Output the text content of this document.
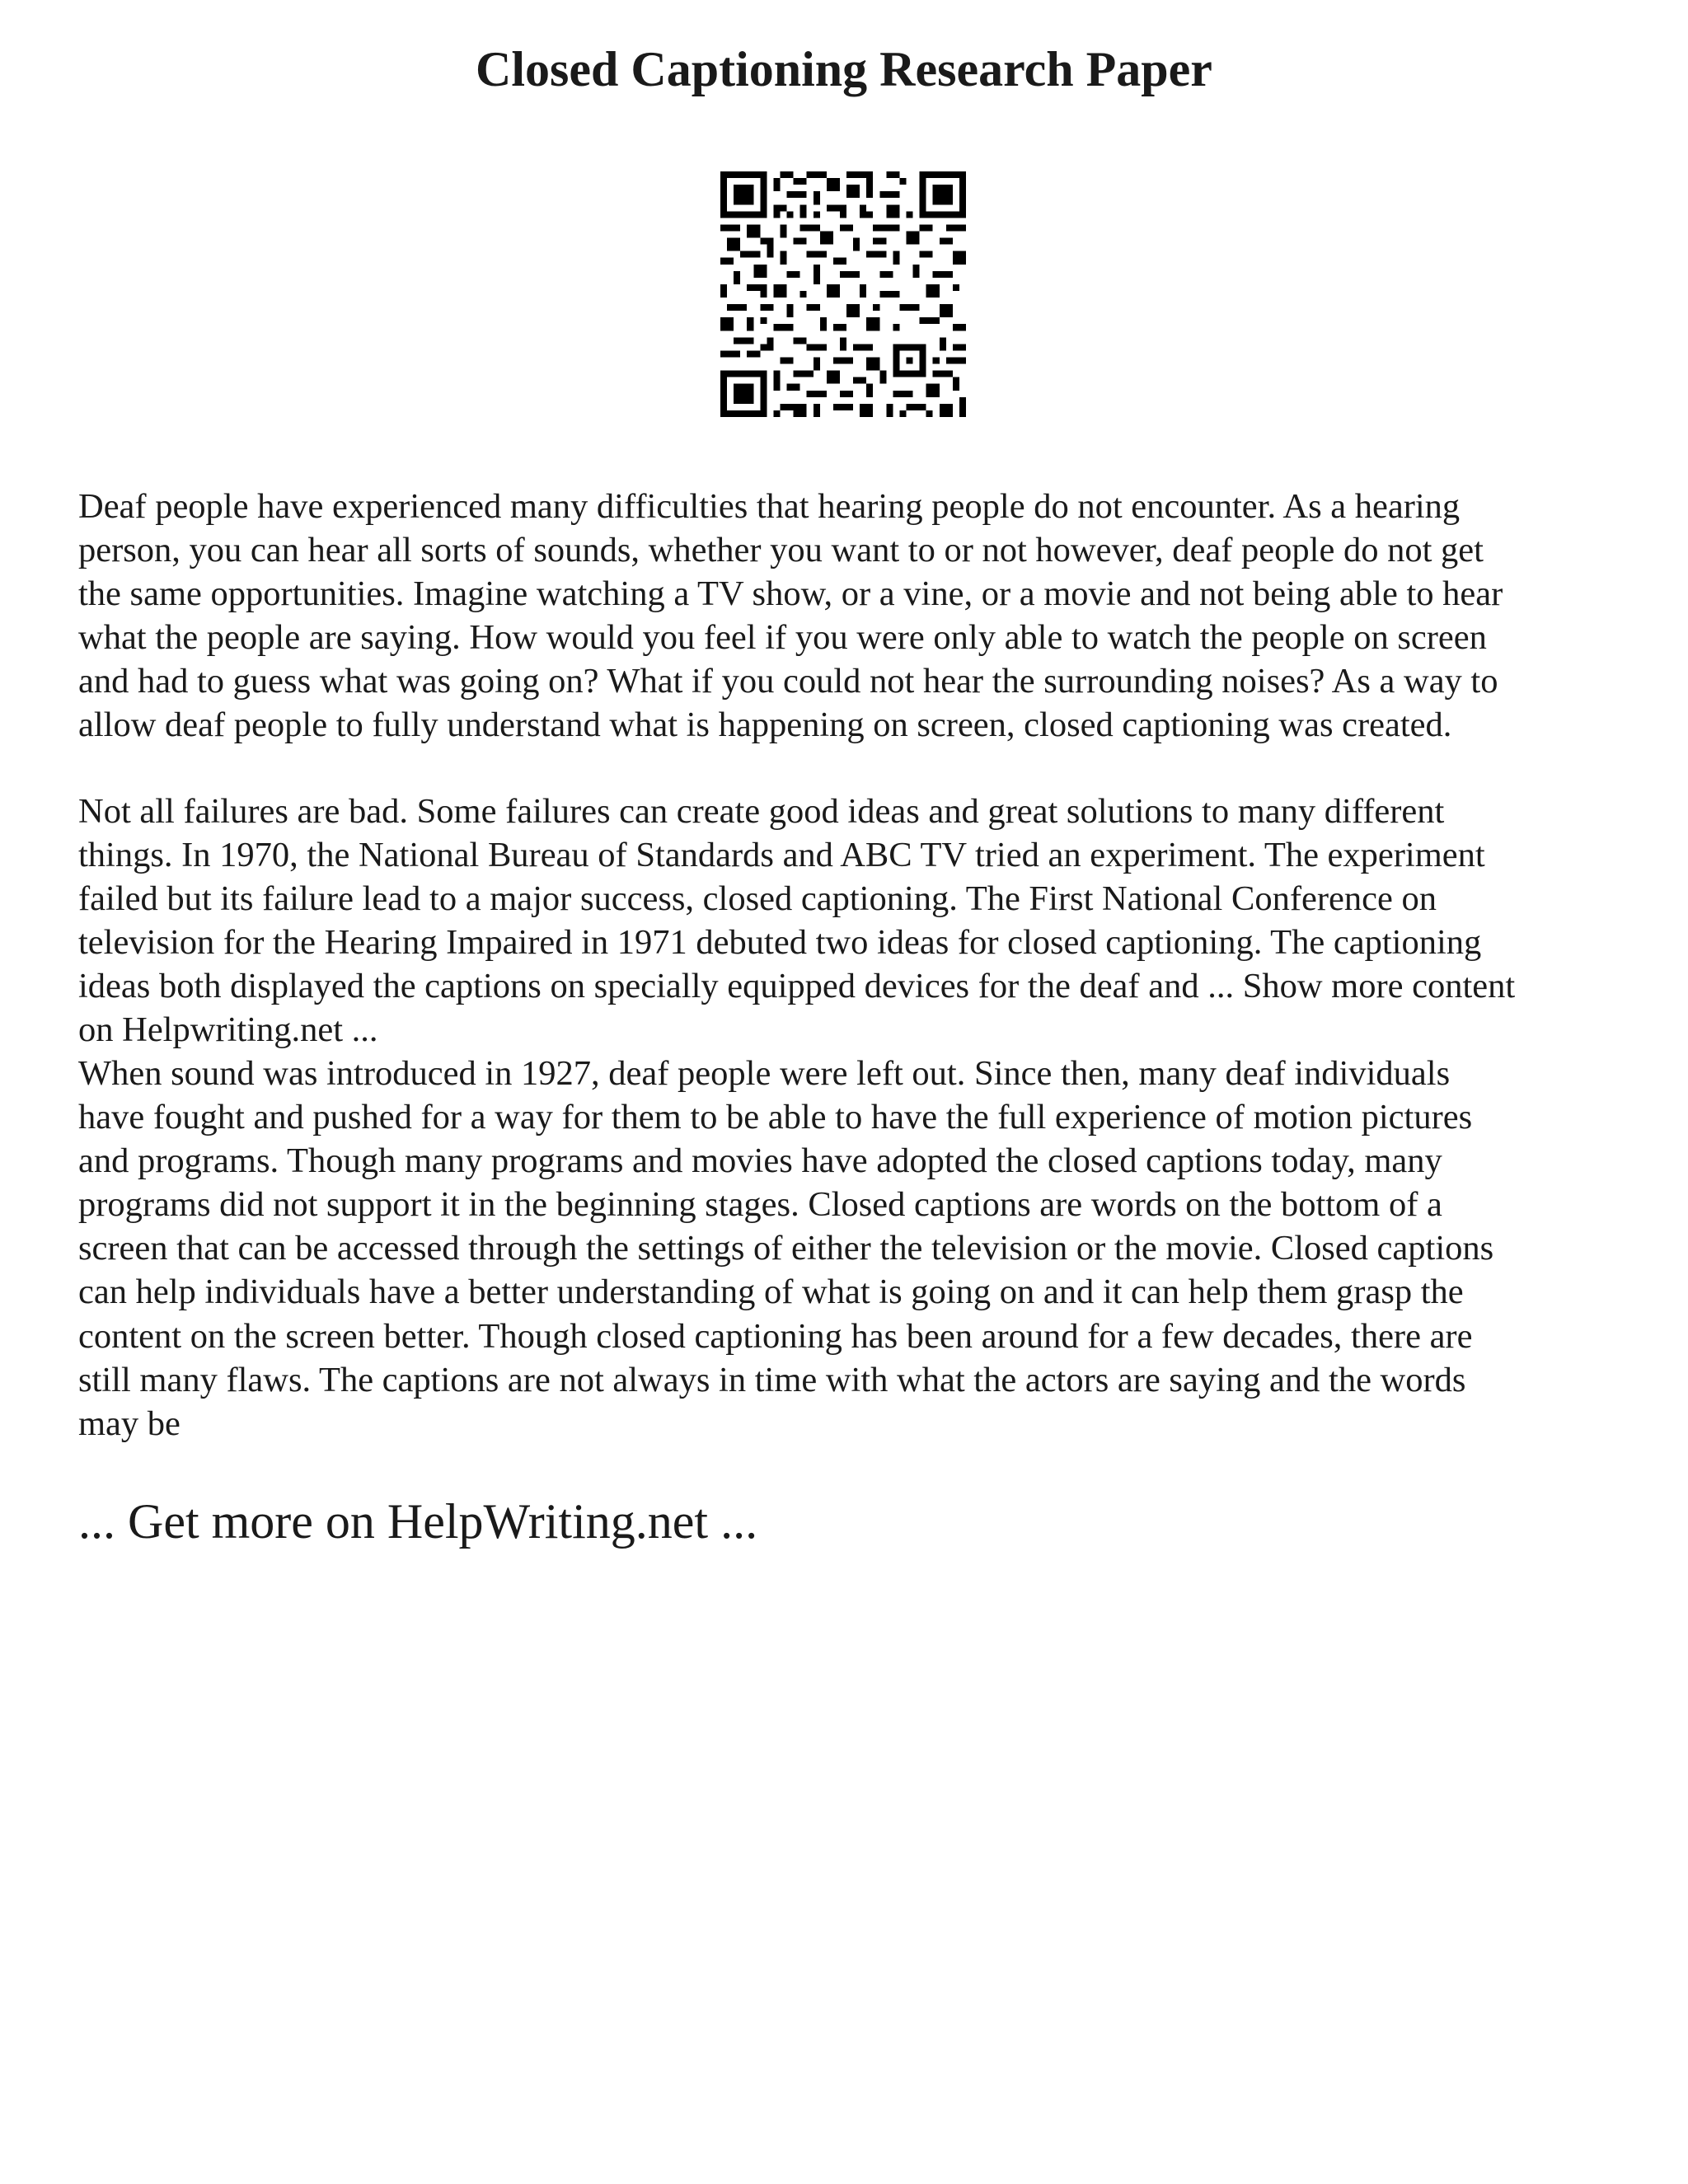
Closed Captioning Research Paper

Deaf people have experienced many difficulties that hearing people do not encounter. As a hearing
person, you can hear all sorts of sounds, whether you want to or not however, deaf people do not get
the same opportunities. Imagine watching a TV show, or a vine, or a movie and not being able to hear
what the people are saying. How would you feel if you were only able to watch the people on screen
and had to guess what was going on? What if you could not hear the surrounding noises? As a way to
allow deaf people to fully understand what is happening on screen, closed captioning was created.

Not all failures are bad. Some failures can create good ideas and great solutions to many different
things. In 1970, the National Bureau of Standards and ABC TV tried an experiment. The experiment
failed but its failure lead to a major success, closed captioning. The First National Conference on
television for the Hearing Impaired in 1971 debuted two ideas for closed captioning. The captioning
ideas both displayed the captions on specially equipped devices for the deaf and ... Show more content
on Helpwriting.net ...

When sound was introduced in 1927, deaf people were left out. Since then, many deaf individuals
have fought and pushed for a way for them to be able to have the full experience of motion pictures
and programs. Though many programs and movies have adopted the closed captions today, many
programs did not support it in the beginning stages. Closed captions are words on the bottom of a
screen that can be accessed through the settings of either the television or the movie. Closed captions
can help individuals have a better understanding of what is going on and it can help them grasp the
content on the screen better. Though closed captioning has been around for a few decades, there are
still many flaws. The captions are not always in time with what the actors are saying and the words
may be

... Get more on HelpWriting.net ...
